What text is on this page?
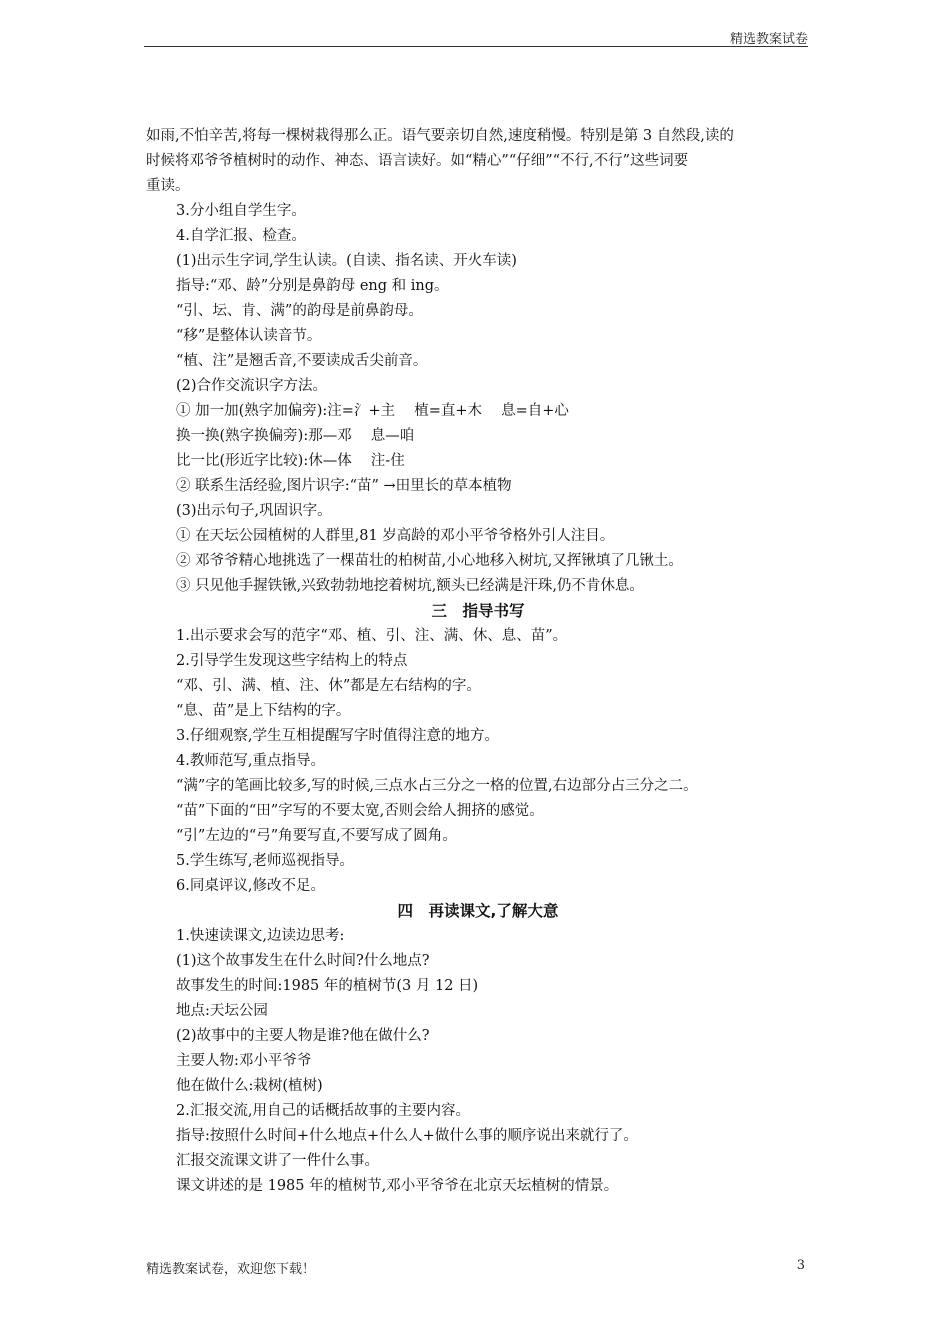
精选教案试卷
如雨,不怕辛苦,将每一棵树栽得那么正。语气要亲切自然,速度稍慢。特别是第 3 自然段,读的
时候将邓爷爷植树时的动作、神态、语言读好。如“精心”“仔细”“不行,不行”这些词要
重读。
3.分小组自学生字。
4.自学汇报、检查。
(1)出示生字词,学生认读。(自读、指名读、开火车读)
指导:“邓、龄”分别是鼻韵母 eng 和 ing。
“引、坛、肯、满”的韵母是前鼻韵母。
“移”是整体认读音节。
“植、注”是翘舌音,不要读成舌尖前音。
(2)合作交流识字方法。
① 加一加(熟字加偏旁):注=氵+主　 植=直+木　 息=自+心
换一换(熟字换偏旁):那—邓　 息—咱
比一比(形近字比较):休—体　 注-住
② 联系生活经验,图片识字:“苗” →田里长的草本植物
(3)出示句子,巩固识字。
① 在天坛公园植树的人群里,81 岁高龄的邓小平爷爷格外引人注目。
② 邓爷爷精心地挑选了一棵苗壮的柏树苗,小心地移入树坑,又挥锹填了几锹土。
③ 只见他手握铁锹,兴致勃勃地挖着树坑,额头已经满是汗珠,仍不肯休息。
三　指导书写
1.出示要求会写的范字“邓、植、引、注、满、休、息、苗”。
2.引导学生发现这些字结构上的特点
“邓、引、满、植、注、休”都是左右结构的字。
“息、苗”是上下结构的字。
3.仔细观察,学生互相提醒写字时值得注意的地方。
4.教师范写,重点指导。
“满”字的笔画比较多,写的时候,三点水占三分之一格的位置,右边部分占三分之二。
“苗”下面的“田”字写的不要太宽,否则会给人拥挤的感觉。
“引”左边的“弓”角要写直,不要写成了圆角。
5.学生练写,老师巡视指导。
6.同桌评议,修改不足。
四　再读课文,了解大意
1.快速读课文,边读边思考:
(1)这个故事发生在什么时间?什么地点?
故事发生的时间:1985 年的植树节(3 月 12 日)
地点:天坛公园
(2)故事中的主要人物是谁?他在做什么?
主要人物:邓小平爷爷
他在做什么:栽树(植树)
2.汇报交流,用自己的话概括故事的主要内容。
指导:按照什么时间+什么地点+什么人+做什么事的顺序说出来就行了。
汇报交流课文讲了一件什么事。
课文讲述的是 1985 年的植树节,邓小平爷爷在北京天坛植树的情景。
精选教案试卷，欢迎您下载！	3
